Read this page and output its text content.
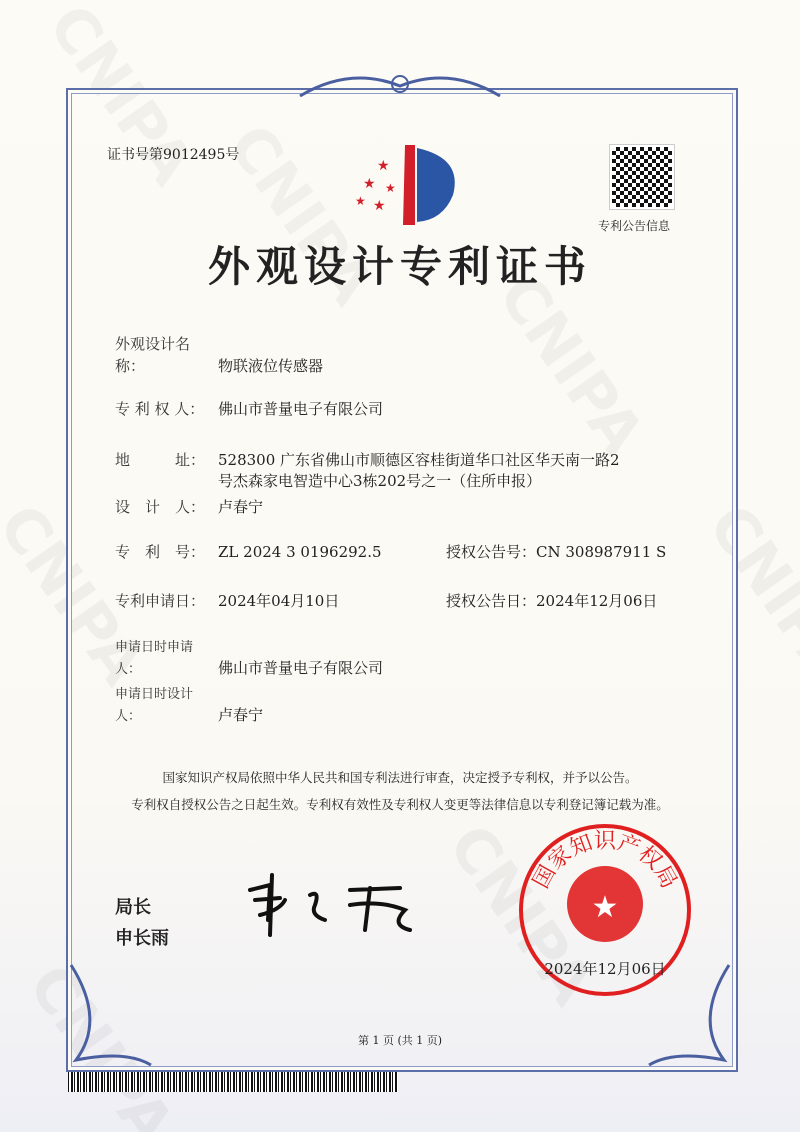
证书号第9012495号
★
★
★ ★
★
专利公告信息
外观设计专利证书
外观设计名称：	物联液位传感器
专 利 权 人： 佛山市普量电子有限公司
地　　　址： 528300 广东省佛山市顺德区容桂街道华口社区华天南一路2
号杰森家电智造中心3栋202号之一（住所申报）
设　计　人： 卢春宁
专　利　号： ZL 2024 3 0196292.5	授权公告号：CN 308987911 S
专利申请日： 2024年04月10日	授权公告日：2024年12月06日
申请日时申请人：	佛山市普量电子有限公司
申请日时设计人：	卢春宁
国家知识产权局依照中华人民共和国专利法进行审查，决定授予专利权，并予以公告。
专利权自授权公告之日起生效。专利权有效性及专利权人变更等法律信息以专利登记簿记载为准。
局长
申长雨
★
国家知识产权局
2024年12月06日
第 1 页 (共 1 页)
